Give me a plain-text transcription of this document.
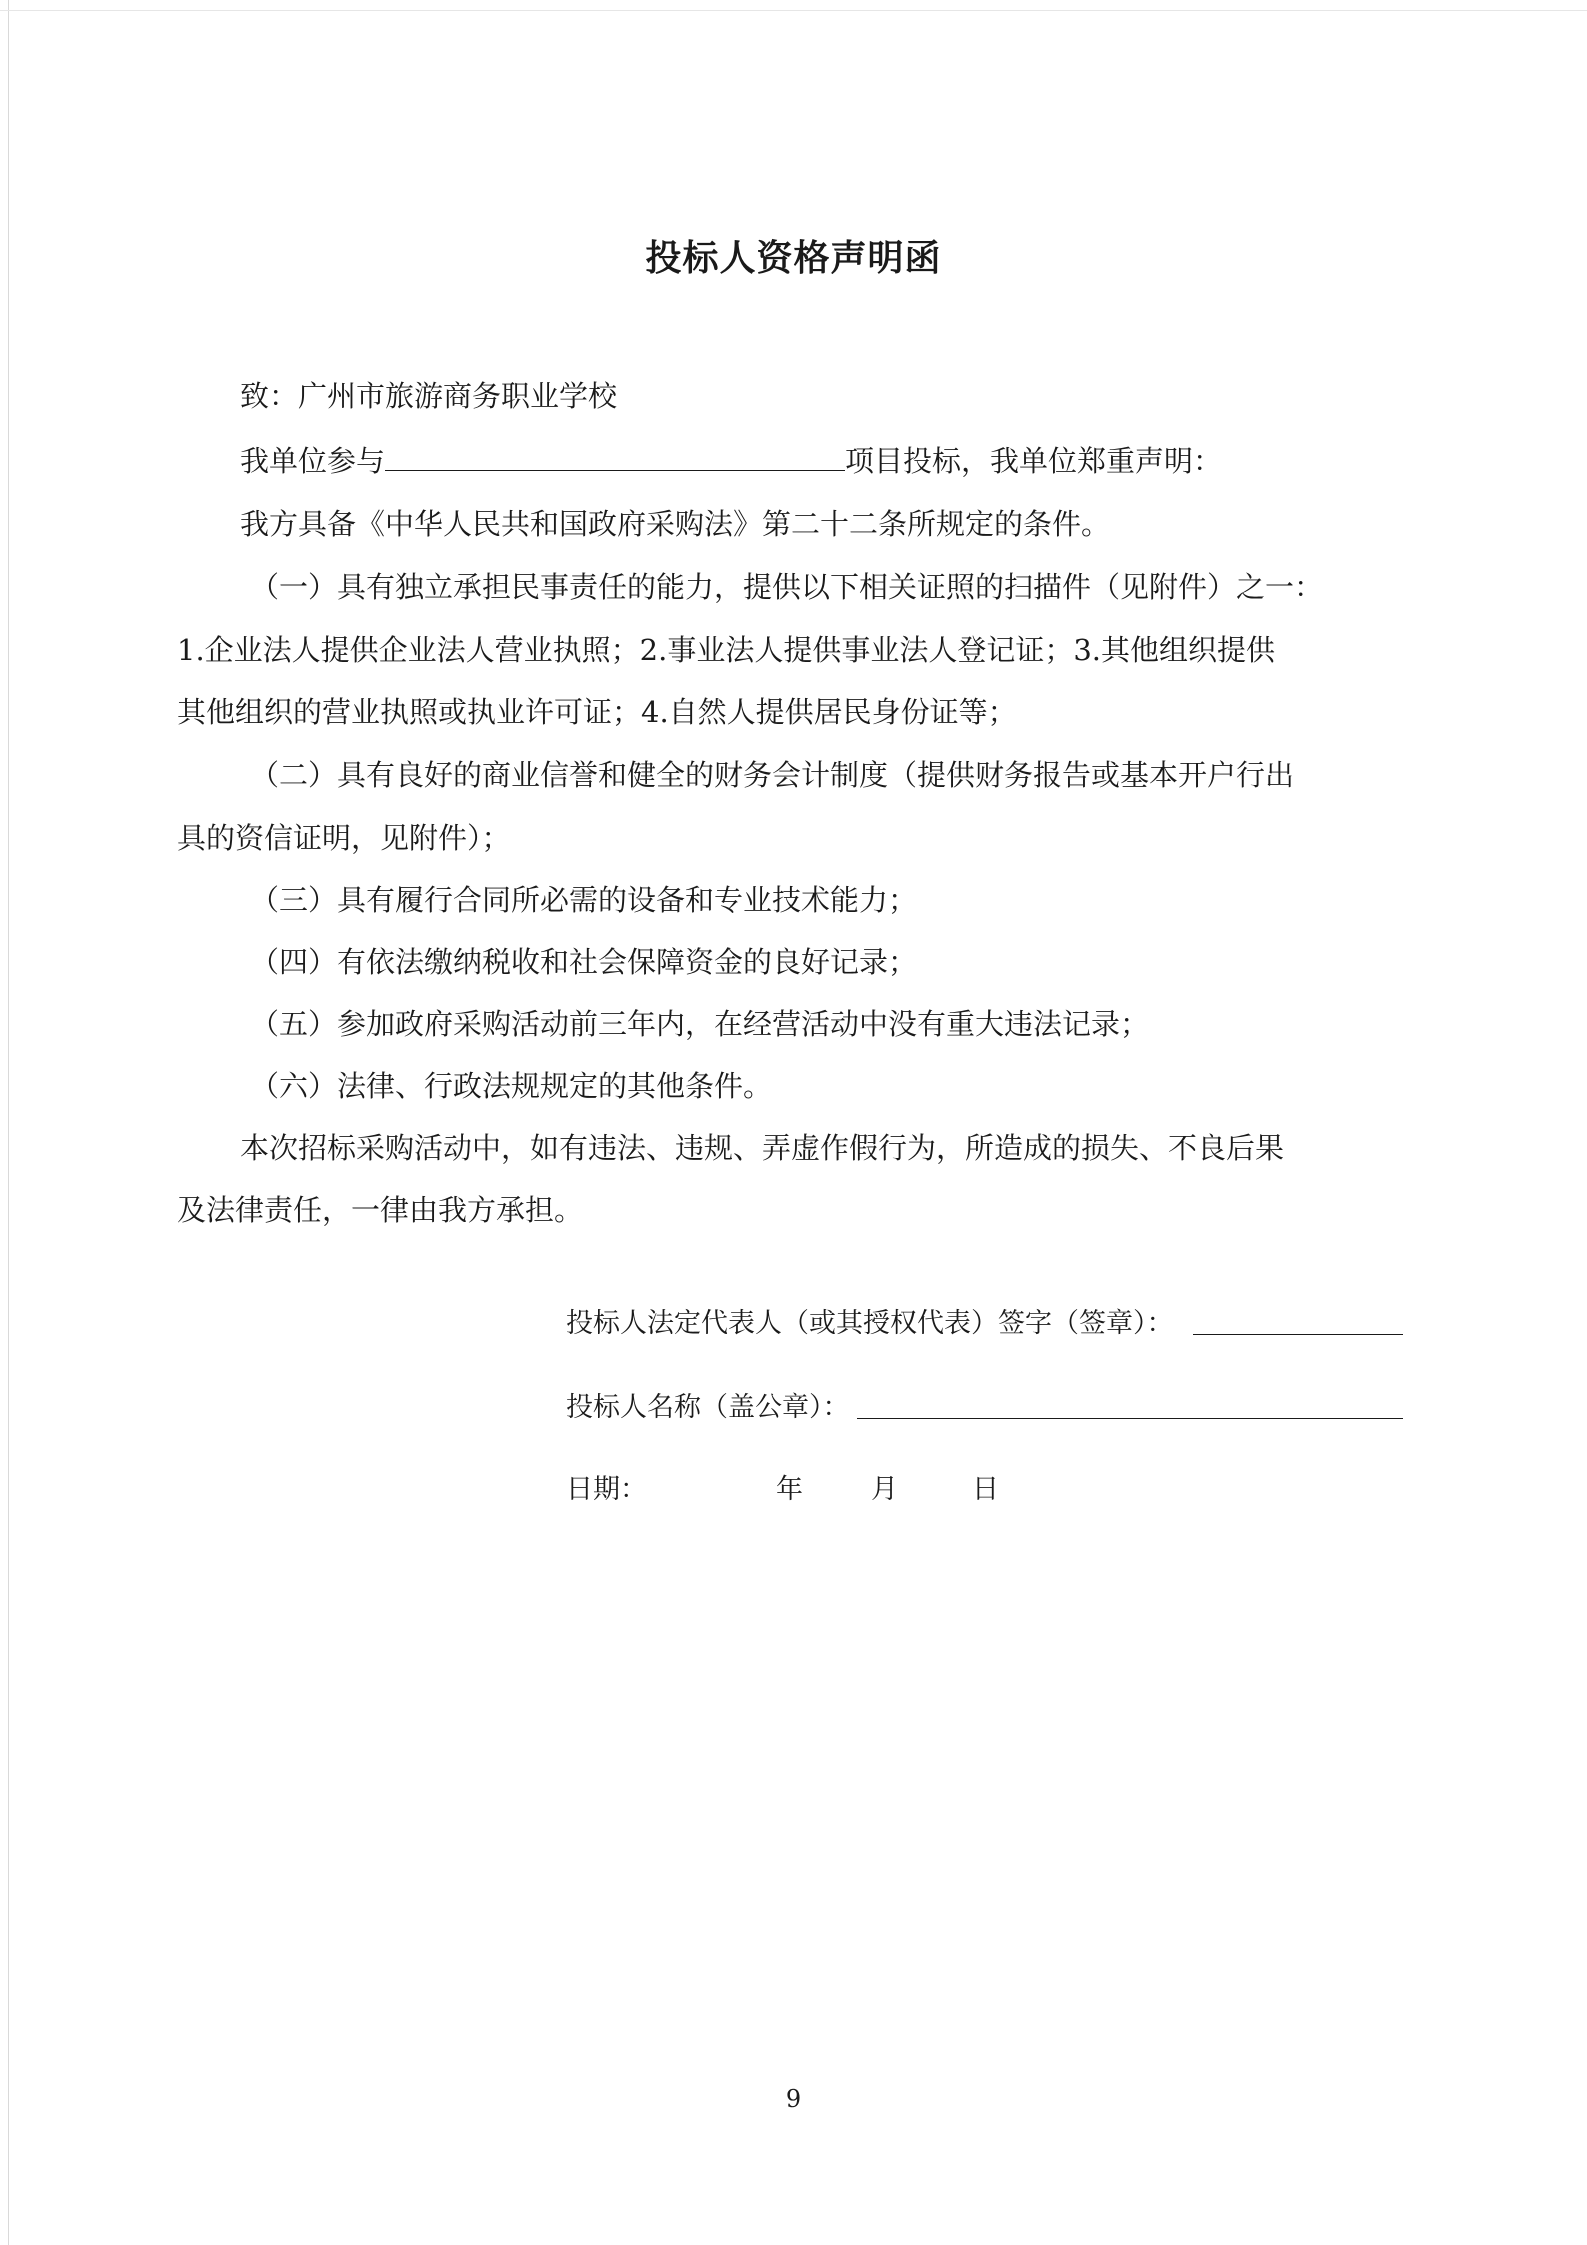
投标人资格声明函
致：广州市旅游商务职业学校
我单位参与	项目投标，我单位郑重声明：
我方具备《中华人民共和国政府采购法》第二十二条所规定的条件。
（一）具有独立承担民事责任的能力，提供以下相关证照的扫描件（见附件）之一：
1.企业法人提供企业法人营业执照；2.事业法人提供事业法人登记证；3.其他组织提供
其他组织的营业执照或执业许可证；4.自然人提供居民身份证等；
（二）具有良好的商业信誉和健全的财务会计制度（提供财务报告或基本开户行出
具的资信证明，见附件）；
（三）具有履行合同所必需的设备和专业技术能力；
（四）有依法缴纳税收和社会保障资金的良好记录；
（五）参加政府采购活动前三年内，在经营活动中没有重大违法记录；
（六）法律、行政法规规定的其他条件。
本次招标采购活动中，如有违法、违规、弄虚作假行为，所造成的损失、不良后果
及法律责任，一律由我方承担。
投标人法定代表人（或其授权代表）签字（签章）：
投标人名称（盖公章）：
日期：	年	月	日
9
